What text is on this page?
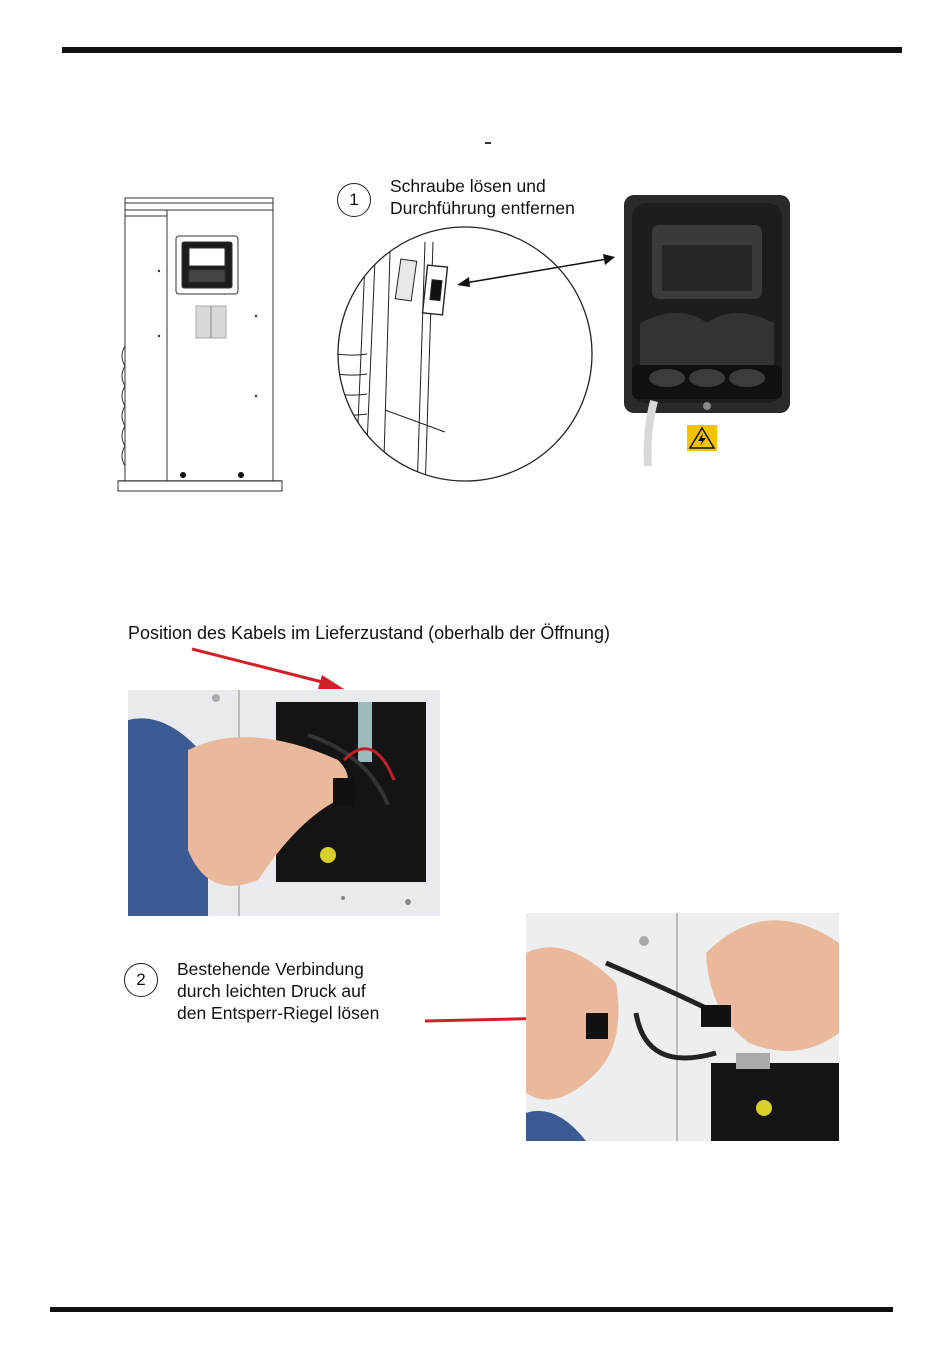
1
Schraube lösen und
Durchführung entfernen
Position des Kabels im Lieferzustand (oberhalb der Öffnung)
2
Bestehende Verbindung
durch leichten Druck auf
den Entsperr-Riegel lösen
